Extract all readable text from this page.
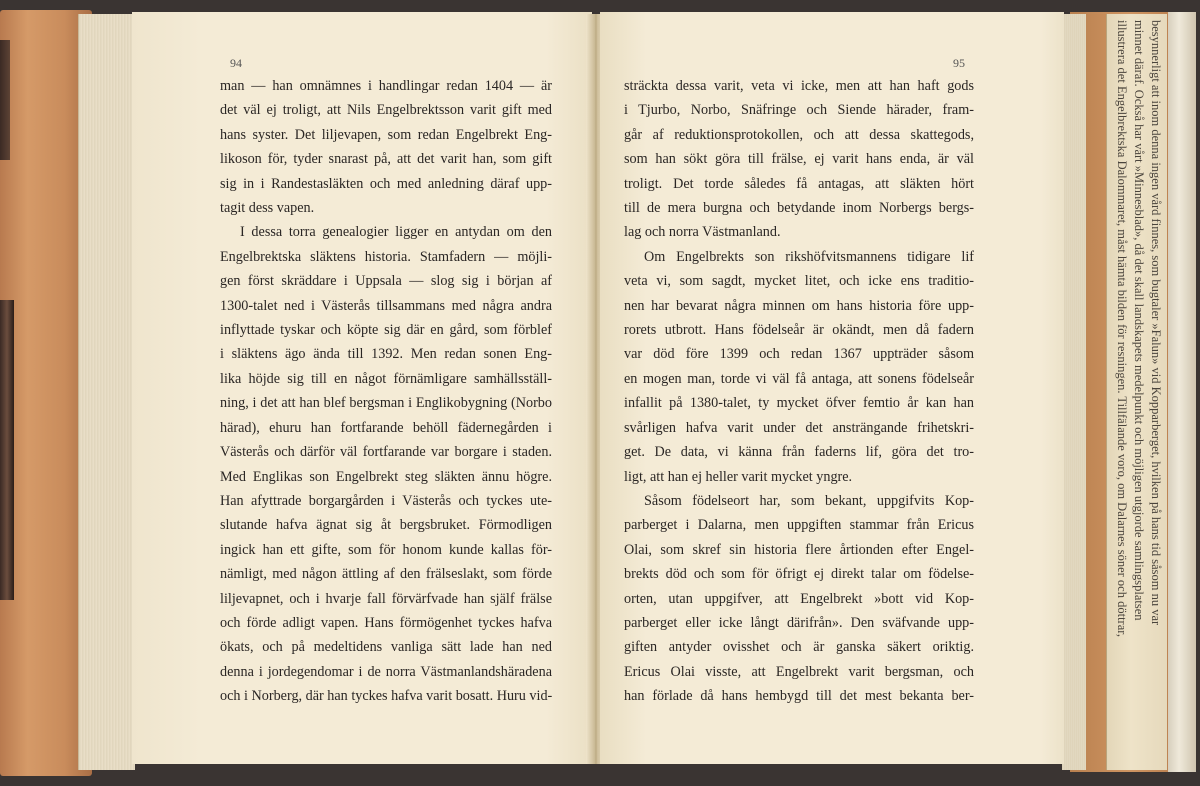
94
man — han omnämnes i handlingar redan 1404 — är
det väl ej troligt, att Nils Engelbrektsson varit gift med
hans syster. Det liljevapen, som redan Engelbrekt Eng-
likoson för, tyder snarast på, att det varit han, som gift
sig in i Randestasläkten och med anledning däraf upp-
tagit dess vapen.
I dessa torra genealogier ligger en antydan om den
Engelbrektska släktens historia. Stamfadern — möjli-
gen först skräddare i Uppsala — slog sig i början af
1300-talet ned i Västerås tillsammans med några andra
inflyttade tyskar och köpte sig där en gård, som förblef
i släktens ägo ända till 1392. Men redan sonen Eng-
lika höjde sig till en något förnämligare samhällsställ-
ning, i det att han blef bergsman i Englikobygning (Norbo
härad), ehuru han fortfarande behöll fädernegården i
Västerås och därför väl fortfarande var borgare i staden.
Med Englikas son Engelbrekt steg släkten ännu högre.
Han afyttrade borgargården i Västerås och tyckes ute-
slutande hafva ägnat sig åt bergsbruket. Förmodligen
ingick han ett gifte, som för honom kunde kallas för-
nämligt, med någon ättling af den frälseslakt, som förde
liljevapnet, och i hvarje fall förvärfvade han själf frälse
och förde adligt vapen. Hans förmögenhet tyckes hafva
ökats, och på medeltidens vanliga sätt lade han ned
denna i jordegendomar i de norra Västmanlandshäradena
och i Norberg, där han tyckes hafva varit bosatt. Huru vid-
95
sträckta dessa varit, veta vi icke, men att han haft gods
i Tjurbo, Norbo, Snäfringe och Siende härader, fram-
går af reduktionsprotokollen, och att dessa skattegods,
som han sökt göra till frälse, ej varit hans enda, är väl
troligt. Det torde således få antagas, att släkten hört
till de mera burgna och betydande inom Norbergs bergs-
lag och norra Västmanland.
Om Engelbrekts son rikshöfvitsmannens tidigare lif
veta vi, som sagdt, mycket litet, och icke ens traditio-
nen har bevarat några minnen om hans historia före upp-
rorets utbrott. Hans födelseår är okändt, men då fadern
var död före 1399 och redan 1367 uppträder såsom
en mogen man, torde vi väl få antaga, att sonens födelseår
infallit på 1380-talet, ty mycket öfver femtio år kan han
svårligen hafva varit under det ansträngande frihetskri-
get. De data, vi känna från faderns lif, göra det tro-
ligt, att han ej heller varit mycket yngre.
Såsom födelseort har, som bekant, uppgifvits Kop-
parberget i Dalarna, men uppgiften stammar från Ericus
Olai, som skref sin historia flere årtionden efter Engel-
brekts död och som för öfrigt ej direkt talar om födelse-
orten, utan uppgifver, att Engelbrekt »bott vid Kop-
parberget eller icke långt därifrån». Den sväfvande upp-
giften antyder ovisshet och är ganska säkert oriktig.
Ericus Olai visste, att Engelbrekt varit bergsman, och
han förlade då hans hembygd till det mest bekanta ber-
besynnerligt att inom denna ingen vård finnes, som bugtaler »Falun» vid Kopparberget, hvilken på hans tid såsom nu var
minnet däraf. Också har vårt »Minnesblad», då det skall landskapets medelpunkt och möjligen utgjorde samlingsplatsen
illustrera det Engelbrektska Dalommaret, måst hämta bilden för resningen. Tillfälande voro, om Dalarnes söner och döttrar,
